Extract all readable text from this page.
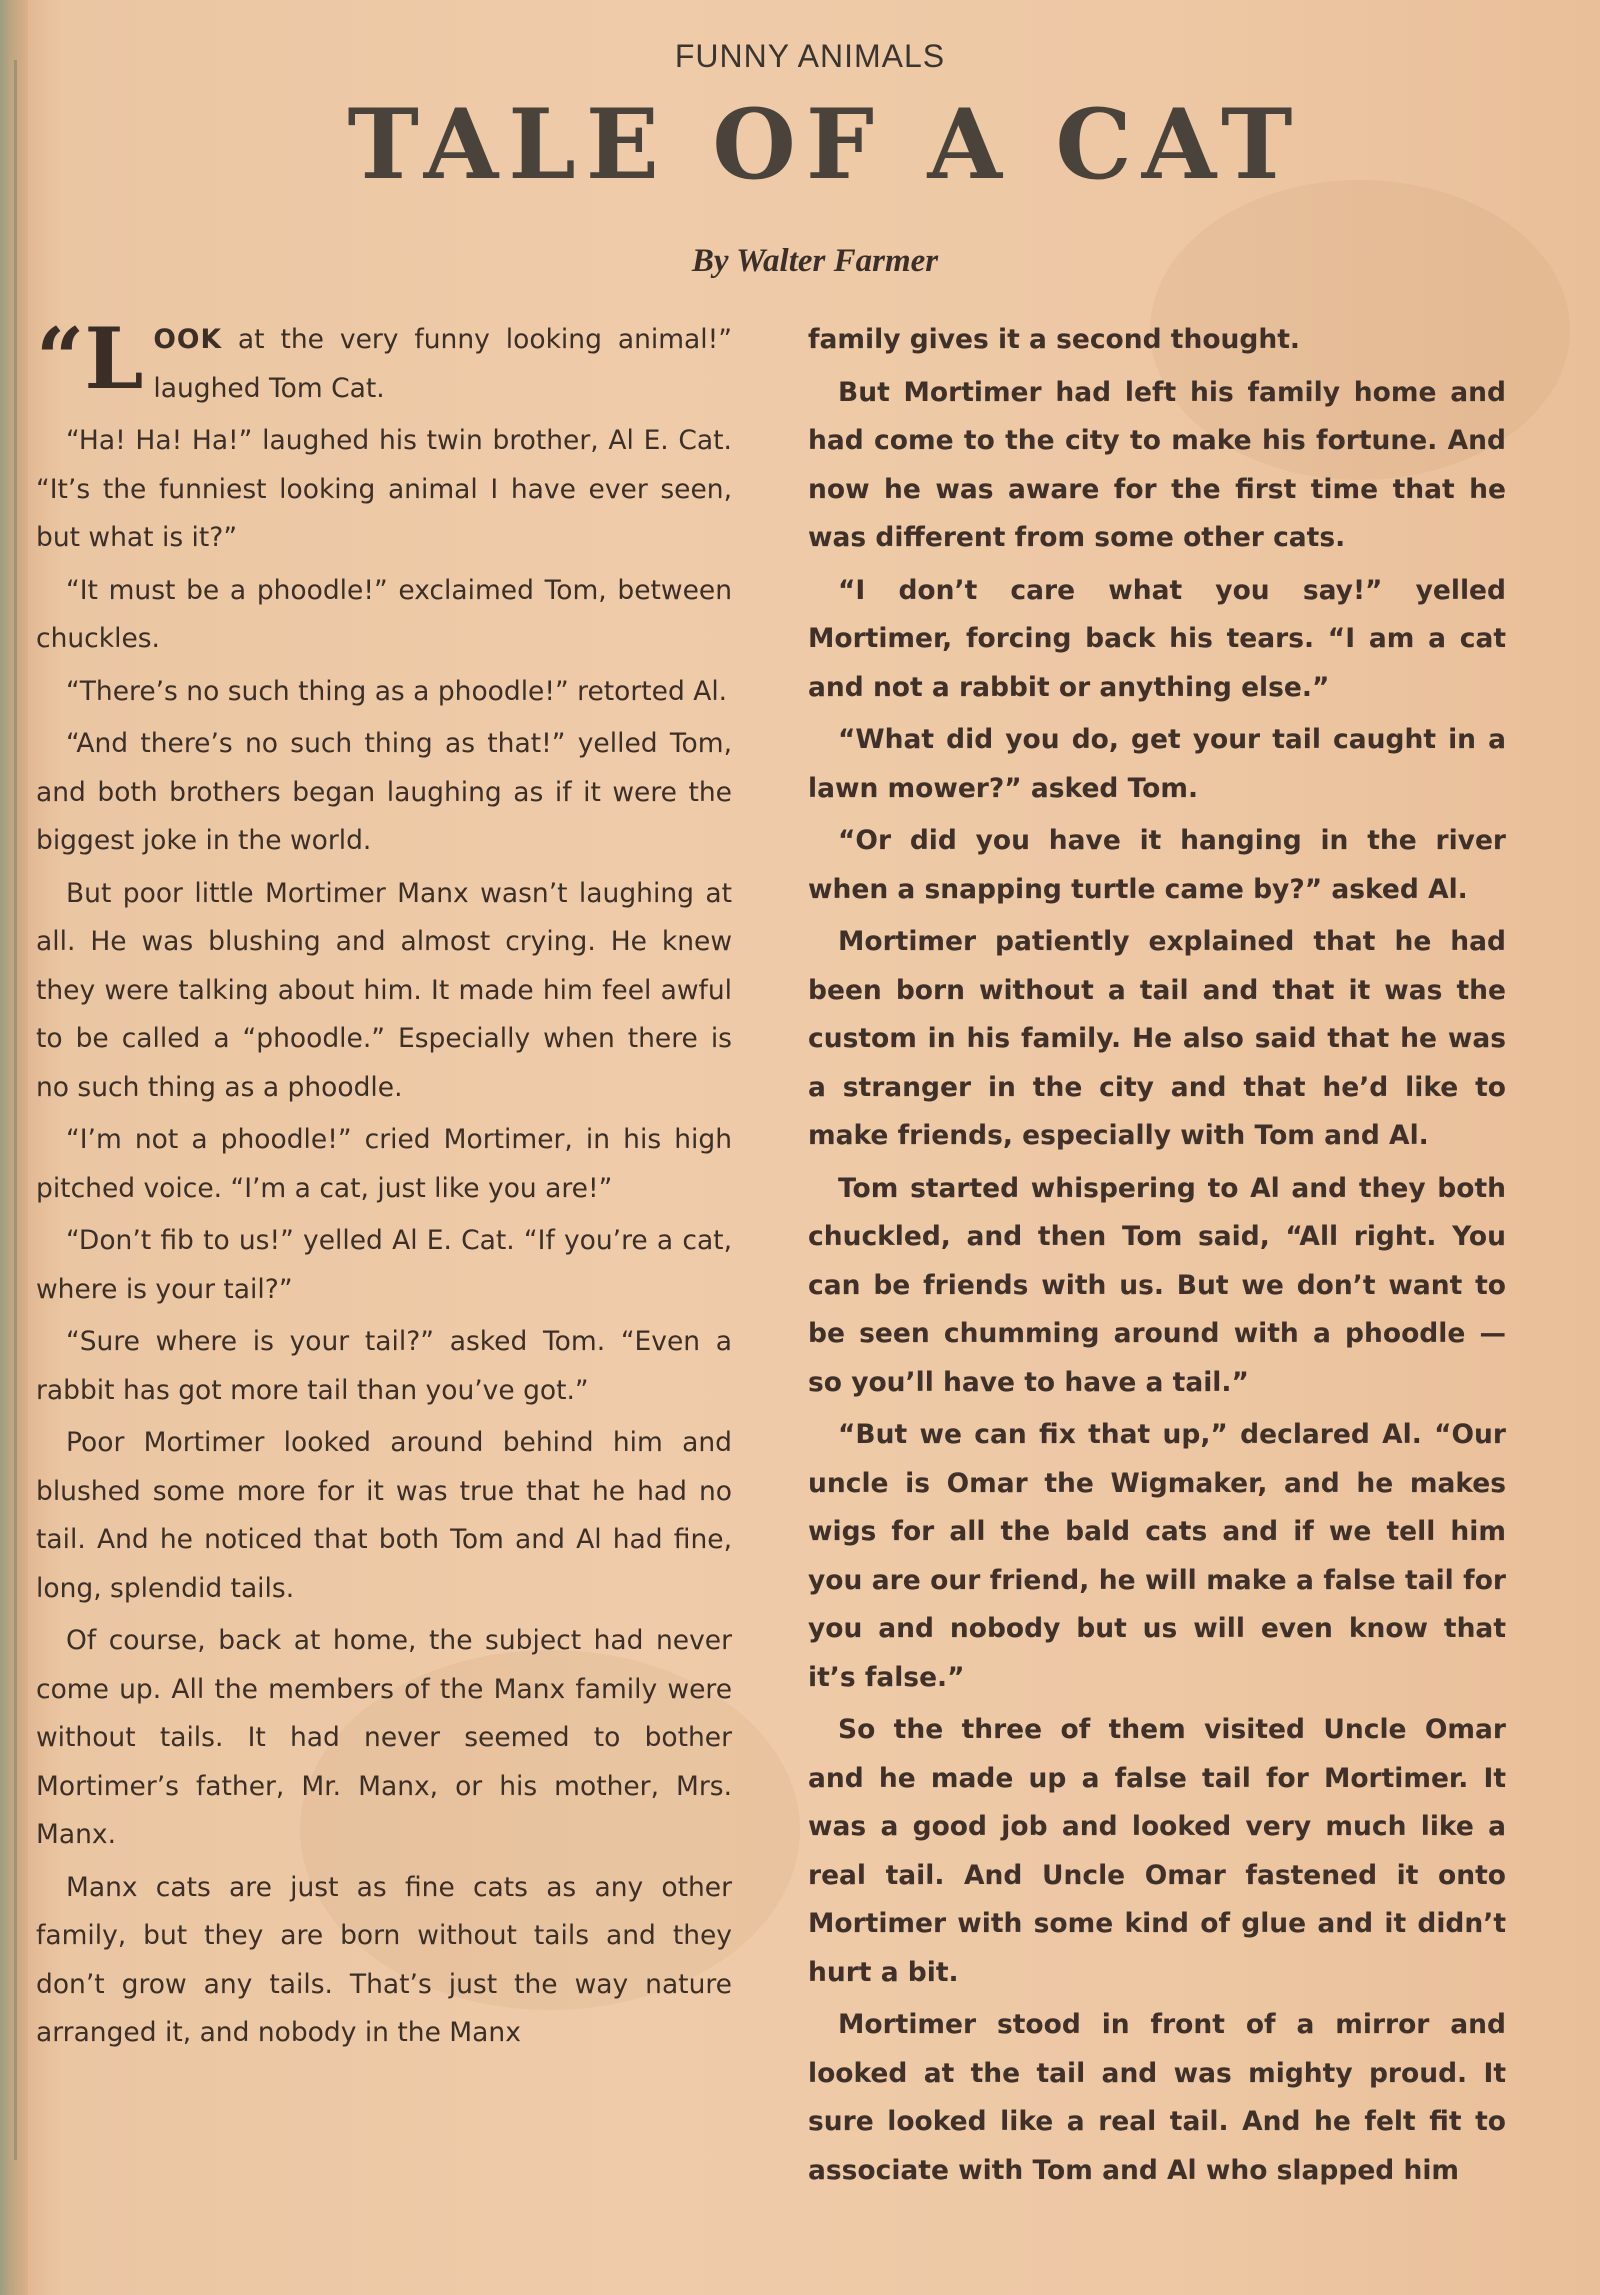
FUNNY ANIMALS
TALE OF A CAT
By Walter Farmer

“L OOK at the very funny looking animal!” laughed Tom Cat.

“Ha! Ha! Ha!” laughed his twin brother, Al E. Cat. “It’s the funniest looking animal I have ever seen, but what is it?”

“It must be a phoodle!” exclaimed Tom, between chuckles.

“There’s no such thing as a phoodle!” retorted Al.

“And there’s no such thing as that!” yelled Tom, and both brothers began laughing as if it were the biggest joke in the world.

But poor little Mortimer Manx wasn’t laughing at all. He was blushing and almost crying. He knew they were talking about him. It made him feel awful to be called a “phoodle.” Especially when there is no such thing as a phoodle.

“I’m not a phoodle!” cried Mortimer, in his high pitched voice. “I’m a cat, just like you are!”

“Don’t fib to us!” yelled Al E. Cat. “If you’re a cat, where is your tail?”

“Sure where is your tail?” asked Tom. “Even a rabbit has got more tail than you’ve got.”

Poor Mortimer looked around behind him and blushed some more for it was true that he had no tail. And he noticed that both Tom and Al had fine, long, splendid tails.

Of course, back at home, the subject had never come up. All the members of the Manx family were without tails. It had never seemed to bother Mortimer’s father, Mr. Manx, or his mother, Mrs. Manx.

Manx cats are just as fine cats as any other family, but they are born without tails and they don’t grow any tails. That’s just the way nature arranged it, and nobody in the Manx

family gives it a second thought.

But Mortimer had left his family home and had come to the city to make his fortune. And now he was aware for the first time that he was different from some other cats.

“I don’t care what you say!” yelled Mortimer, forcing back his tears. “I am a cat and not a rabbit or anything else.”

“What did you do, get your tail caught in a lawn mower?” asked Tom.

“Or did you have it hanging in the river when a snapping turtle came by?” asked Al.

Mortimer patiently explained that he had been born without a tail and that it was the custom in his family. He also said that he was a stranger in the city and that he’d like to make friends, especially with Tom and Al.

Tom started whispering to Al and they both chuckled, and then Tom said, “All right. You can be friends with us. But we don’t want to be seen chumming around with a phoodle — so you’ll have to have a tail.”

“But we can fix that up,” declared Al. “Our uncle is Omar the Wigmaker, and he makes wigs for all the bald cats and if we tell him you are our friend, he will make a false tail for you and nobody but us will even know that it’s false.”

So the three of them visited Uncle Omar and he made up a false tail for Mortimer. It was a good job and looked very much like a real tail. And Uncle Omar fastened it onto Mortimer with some kind of glue and it didn’t hurt a bit.

Mortimer stood in front of a mirror and looked at the tail and was mighty proud. It sure looked like a real tail. And he felt fit to associate with Tom and Al who slapped him
